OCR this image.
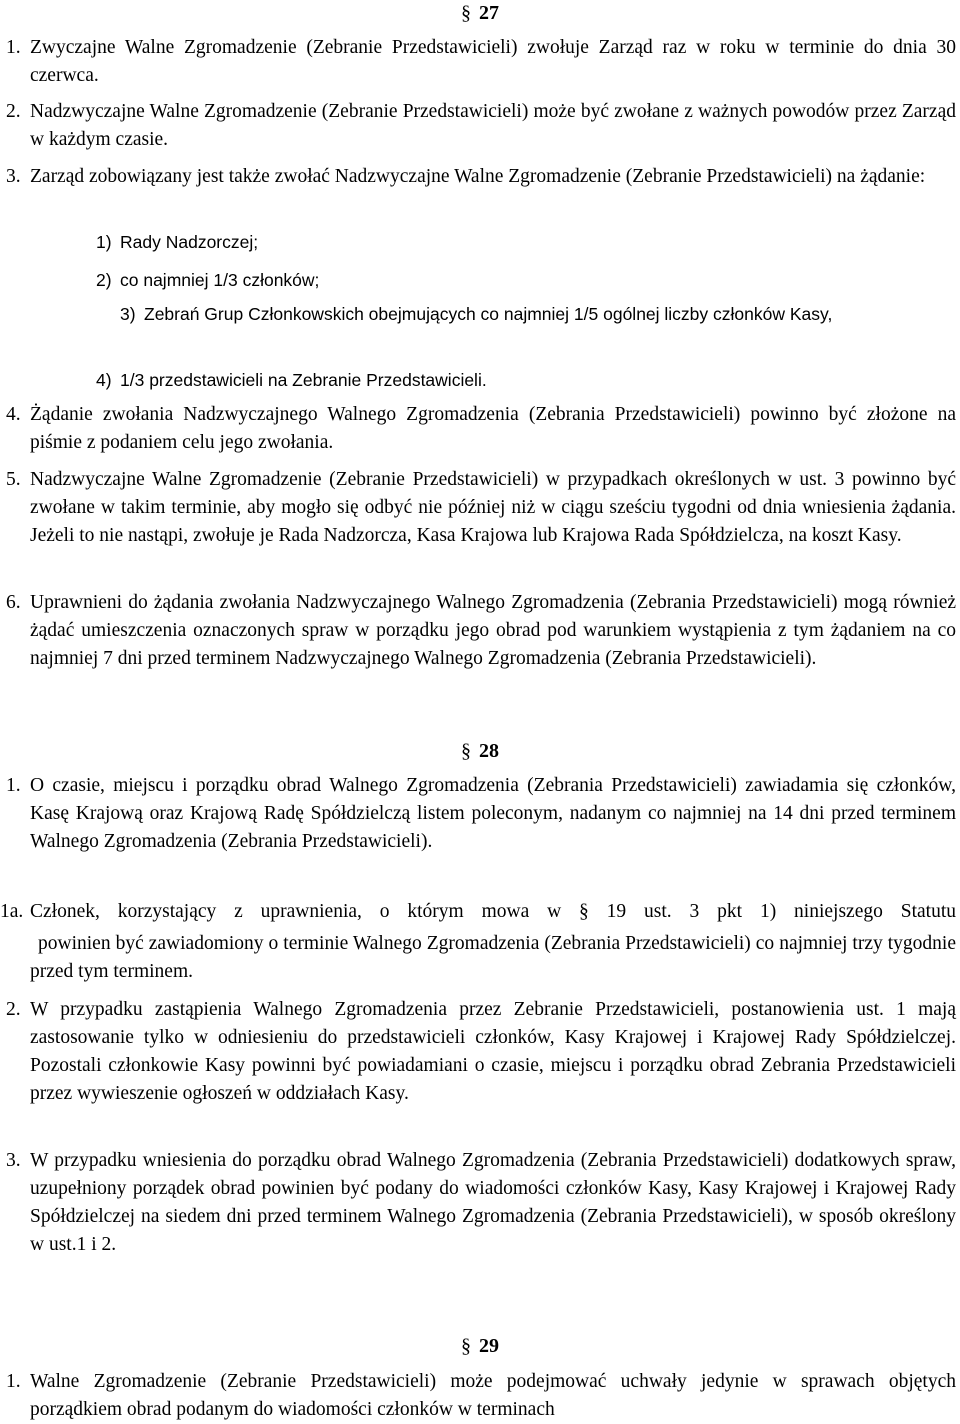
§ 27
1. Zwyczajne Walne Zgromadzenie (Zebranie Przedstawicieli) zwołuje Zarząd raz w roku w terminie do dnia 30 czerwca.
2. Nadzwyczajne Walne Zgromadzenie (Zebranie Przedstawicieli) może być zwołane z ważnych powodów przez Zarząd w każdym czasie.
3. Zarząd zobowiązany jest także zwołać Nadzwyczajne Walne Zgromadzenie (Zebranie Przedstawicieli) na żądanie:
1) Rady Nadzorczej;
2) co najmniej 1/3 członków;
3) Zebrań Grup Członkowskich obejmujących co najmniej 1/5 ogólnej liczby członków Kasy,
4) 1/3 przedstawicieli na Zebranie Przedstawicieli.
4. Żądanie zwołania Nadzwyczajnego Walnego Zgromadzenia (Zebrania Przedstawicieli) powinno być złożone na piśmie z podaniem celu jego zwołania.
5. Nadzwyczajne Walne Zgromadzenie (Zebranie Przedstawicieli) w przypadkach określonych w ust. 3 powinno być zwołane w takim terminie, aby mogło się odbyć nie później niż w ciągu sześciu tygodni od dnia wniesienia żądania. Jeżeli to nie nastąpi, zwołuje je Rada Nadzorcza, Kasa Krajowa lub Krajowa Rada Spółdzielcza, na koszt Kasy.
6. Uprawnieni do żądania zwołania Nadzwyczajnego Walnego Zgromadzenia (Zebrania Przedstawicieli) mogą również żądać umieszczenia oznaczonych spraw w porządku jego obrad pod warunkiem wystąpienia z tym żądaniem na co najmniej 7 dni przed terminem Nadzwyczajnego Walnego Zgromadzenia (Zebrania Przedstawicieli).
§ 28
1. O czasie, miejscu i porządku obrad Walnego Zgromadzenia (Zebrania Przedstawicieli) zawiadamia się członków, Kasę Krajową oraz Krajową Radę Spółdzielczą listem poleconym, nadanym co najmniej na 14 dni przed terminem Walnego Zgromadzenia (Zebrania Przedstawicieli).
1a. Członek, korzystający z uprawnienia, o którym mowa w § 19 ust. 3 pkt 1) niniejszego Statutu
powinien być zawiadomiony o terminie Walnego Zgromadzenia (Zebrania Przedstawicieli) co najmniej trzy tygodnie przed tym terminem.
2. W przypadku zastąpienia Walnego Zgromadzenia przez Zebranie Przedstawicieli, postanowienia ust. 1 mają zastosowanie tylko w odniesieniu do przedstawicieli członków, Kasy Krajowej i Krajowej Rady Spółdzielczej. Pozostali członkowie Kasy powinni być powiadamiani o czasie, miejscu i porządku obrad Zebrania Przedstawicieli przez wywieszenie ogłoszeń w oddziałach Kasy.
3. W przypadku wniesienia do porządku obrad Walnego Zgromadzenia (Zebrania Przedstawicieli) dodatkowych spraw, uzupełniony porządek obrad powinien być podany do wiadomości członków Kasy, Kasy Krajowej i Krajowej Rady Spółdzielczej na siedem dni przed terminem Walnego Zgromadzenia (Zebrania Przedstawicieli), w sposób określony w ust.1 i 2.
§ 29
1. Walne Zgromadzenie (Zebranie Przedstawicieli) może podejmować uchwały jedynie w sprawach objętych porządkiem obrad podanym do wiadomości członków w terminach
